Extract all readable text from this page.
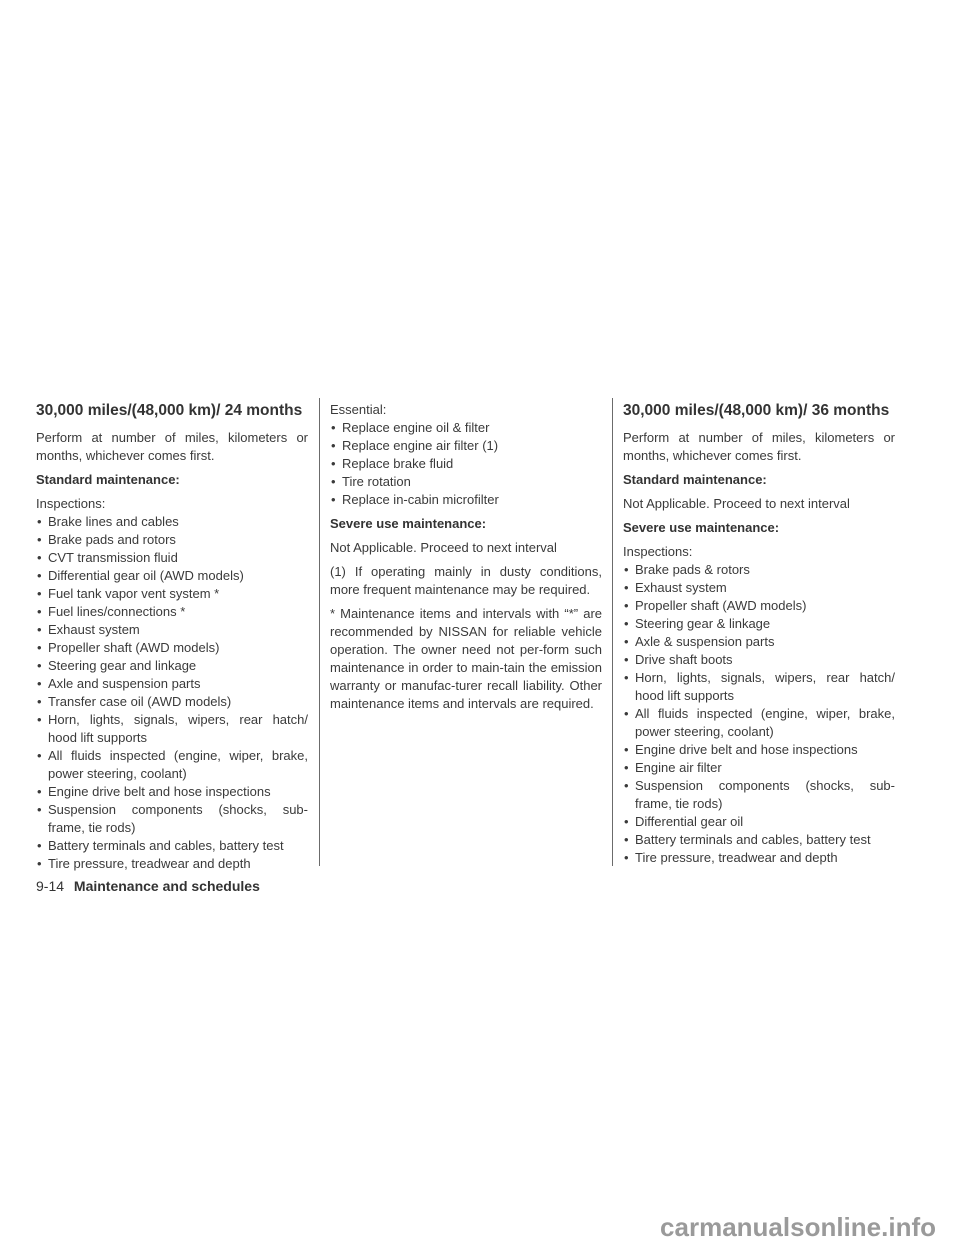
30,000 miles/(48,000 km)/ 24 months

Perform at number of miles, kilometers or months, whichever comes first.

Standard maintenance:

Inspections:
• Brake lines and cables
• Brake pads and rotors
• CVT transmission fluid
• Differential gear oil (AWD models)
• Fuel tank vapor vent system *
• Fuel lines/connections *
• Exhaust system
• Propeller shaft (AWD models)
• Steering gear and linkage
• Axle and suspension parts
• Transfer case oil (AWD models)
• Horn, lights, signals, wipers, rear hatch/ hood lift supports
• All fluids inspected (engine, wiper, brake, power steering, coolant)
• Engine drive belt and hose inspections
• Suspension components (shocks, sub-frame, tie rods)
• Battery terminals and cables, battery test
• Tire pressure, treadwear and depth
Essential:
• Replace engine oil & filter
• Replace engine air filter (1)
• Replace brake fluid
• Tire rotation
• Replace in-cabin microfilter

Severe use maintenance:

Not Applicable. Proceed to next interval

(1) If operating mainly in dusty conditions, more frequent maintenance may be required.

* Maintenance items and intervals with “*” are recommended by NISSAN for reliable vehicle operation. The owner need not per-form such maintenance in order to main-tain the emission warranty or manufac-turer recall liability. Other maintenance items and intervals are required.

30,000 miles/(48,000 km)/ 36 months

Perform at number of miles, kilometers or months, whichever comes first.

Standard maintenance:

Not Applicable. Proceed to next interval

Severe use maintenance:

Inspections:
• Brake pads & rotors
• Exhaust system
• Propeller shaft (AWD models)
• Steering gear & linkage
• Axle & suspension parts
• Drive shaft boots
• Horn, lights, signals, wipers, rear hatch/ hood lift supports
• All fluids inspected (engine, wiper, brake, power steering, coolant)
• Engine drive belt and hose inspections
• Engine air filter
• Suspension components (shocks, sub-frame, tie rods)
• Differential gear oil
• Battery terminals and cables, battery test
• Tire pressure, treadwear and depth
9-14 Maintenance and schedules
carmanualsonline.info
